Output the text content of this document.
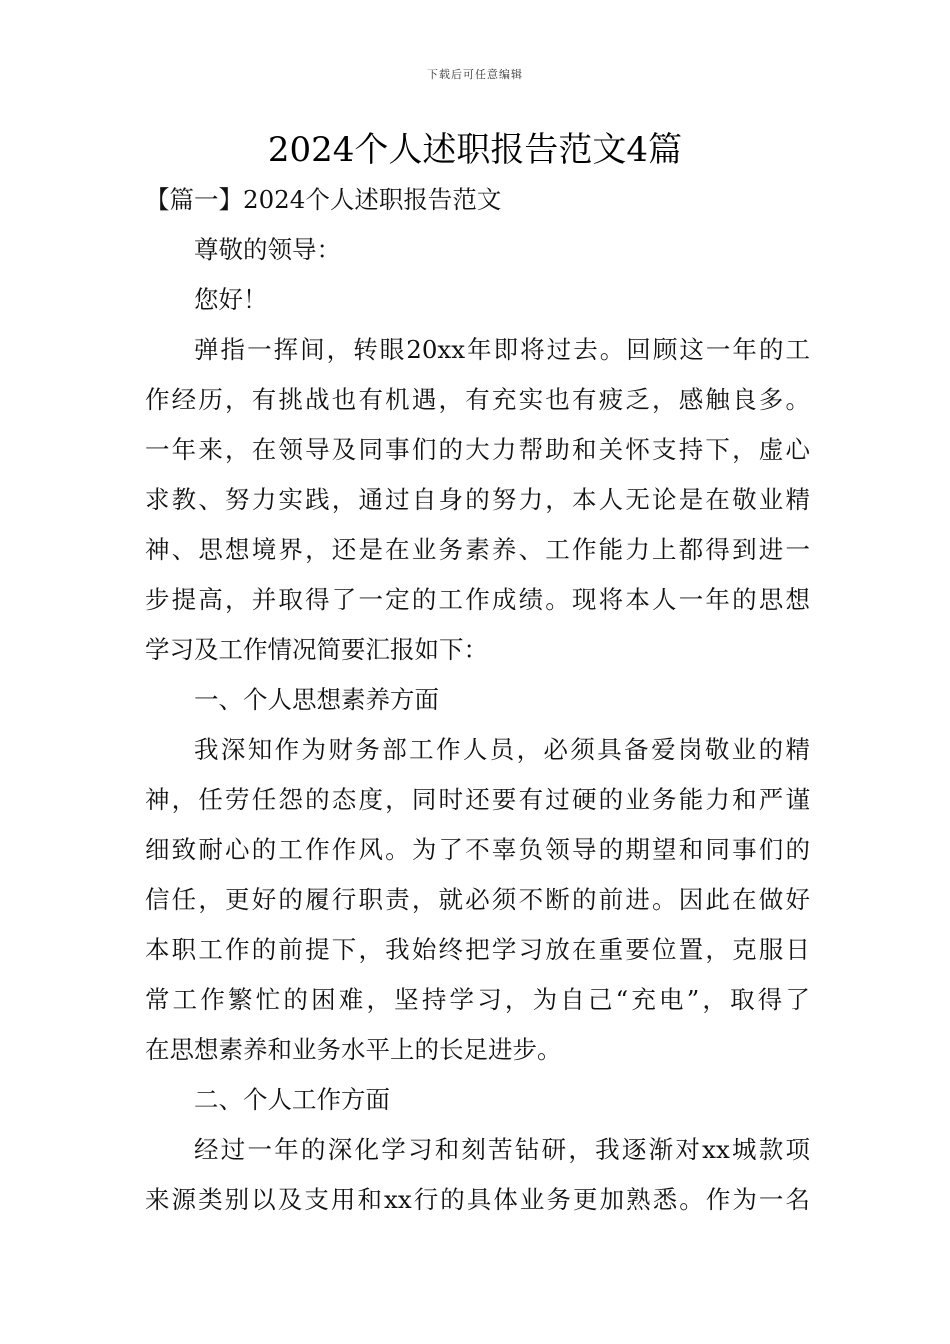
下载后可任意编辑
2024个人述职报告范文4篇

【篇一】2024个人述职报告范文

尊敬的领导：

您好！

弹指一挥间，转眼20xx年即将过去。回顾这一年的工

作经历，有挑战也有机遇，有充实也有疲乏，感触良多。

一年来，在领导及同事们的大力帮助和关怀支持下，虚心

求教、努力实践，通过自身的努力，本人无论是在敬业精

神、思想境界，还是在业务素养、工作能力上都得到进一

步提高，并取得了一定的工作成绩。现将本人一年的思想

学习及工作情况简要汇报如下：

一、个人思想素养方面

我深知作为财务部工作人员，必须具备爱岗敬业的精

神，任劳任怨的态度，同时还要有过硬的业务能力和严谨

细致耐心的工作作风。为了不辜负领导的期望和同事们的

信任，更好的履行职责，就必须不断的前进。因此在做好

本职工作的前提下，我始终把学习放在重要位置，克服日

常工作繁忙的困难，坚持学习，为自己“充电”，取得了

在思想素养和业务水平上的长足进步。

二、个人工作方面

经过一年的深化学习和刻苦钻研，我逐渐对xx城款项

来源类别以及支用和xx行的具体业务更加熟悉。作为一名
